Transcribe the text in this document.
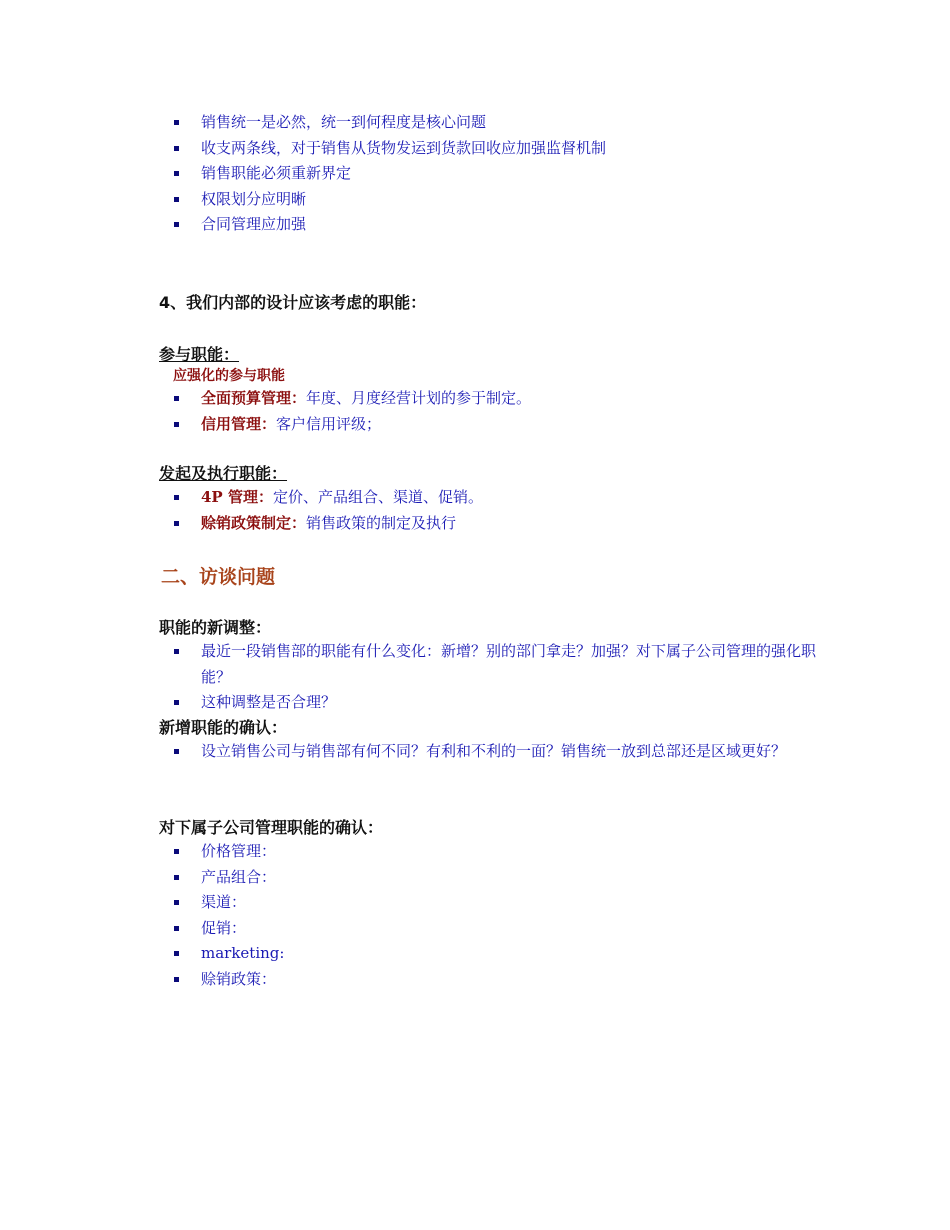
销售统一是必然，统一到何程度是核心问题
收支两条线，对于销售从货物发运到货款回收应加强监督机制
销售职能必须重新界定
权限划分应明晰
合同管理应加强
4、我们内部的设计应该考虑的职能：
参与职能：
应强化的参与职能
全面预算管理：年度、月度经营计划的参于制定。
信用管理：客户信用评级；
发起及执行职能：
4P 管理：定价、产品组合、渠道、促销。
赊销政策制定：销售政策的制定及执行
二、访谈问题
职能的新调整：
最近一段销售部的职能有什么变化：新增？别的部门拿走？加强？对下属子公司管理的强化职能？
这种调整是否合理？
新增职能的确认：
设立销售公司与销售部有何不同？有利和不利的一面？销售统一放到总部还是区域更好？
对下属子公司管理职能的确认：
价格管理：
产品组合：
渠道：
促销：
marketing:
赊销政策：
